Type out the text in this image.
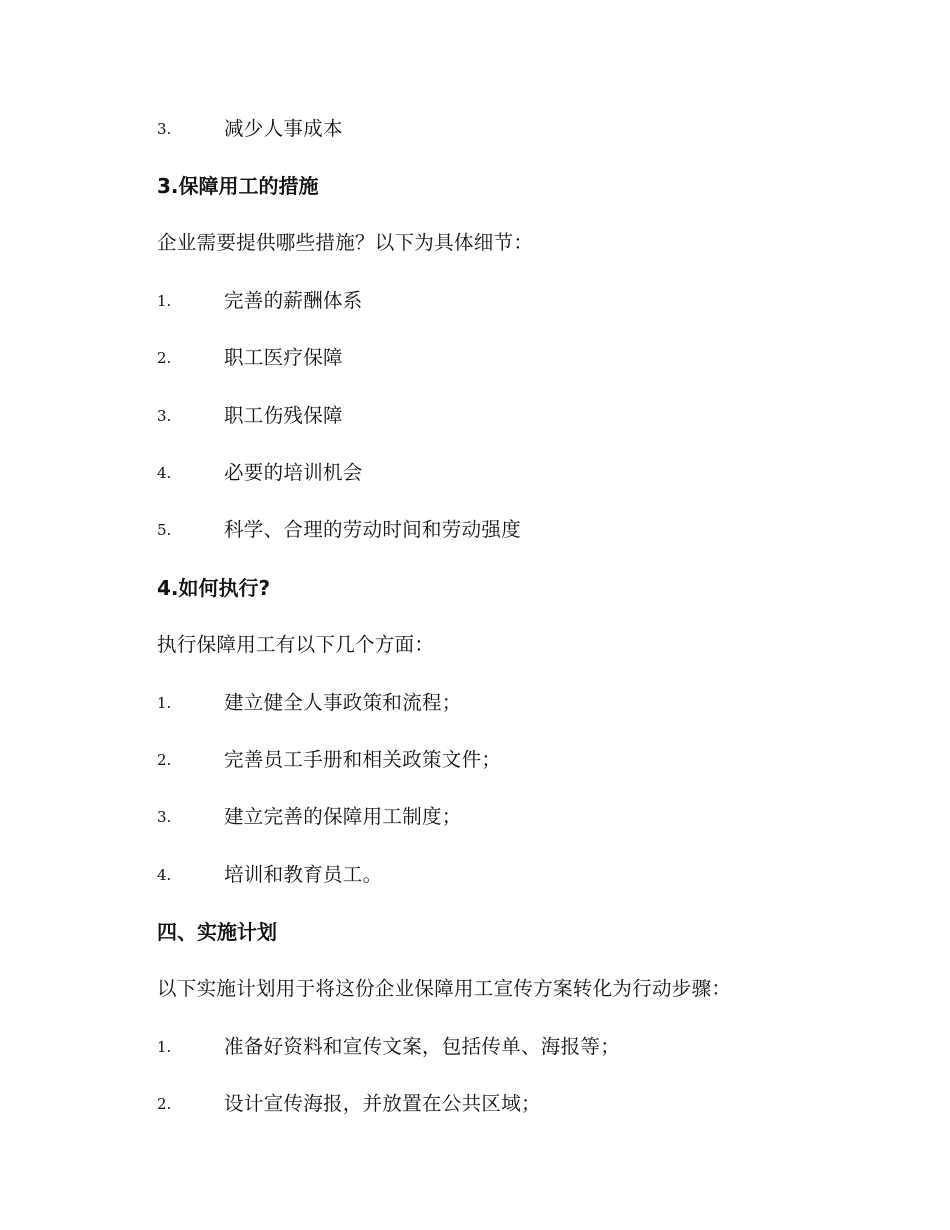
3.	减少人事成本
3.保障用工的措施
企业需要提供哪些措施？以下为具体细节：
1.	完善的薪酬体系
2.	职工医疗保障
3.	职工伤残保障
4.	必要的培训机会
5.	科学、合理的劳动时间和劳动强度
4.如何执行?
执行保障用工有以下几个方面：
1.	建立健全人事政策和流程；
2.	完善员工手册和相关政策文件；
3.	建立完善的保障用工制度；
4.	培训和教育员工。
四、实施计划
以下实施计划用于将这份企业保障用工宣传方案转化为行动步骤：
1.	准备好资料和宣传文案，包括传单、海报等；
2.	设计宣传海报，并放置在公共区域；
